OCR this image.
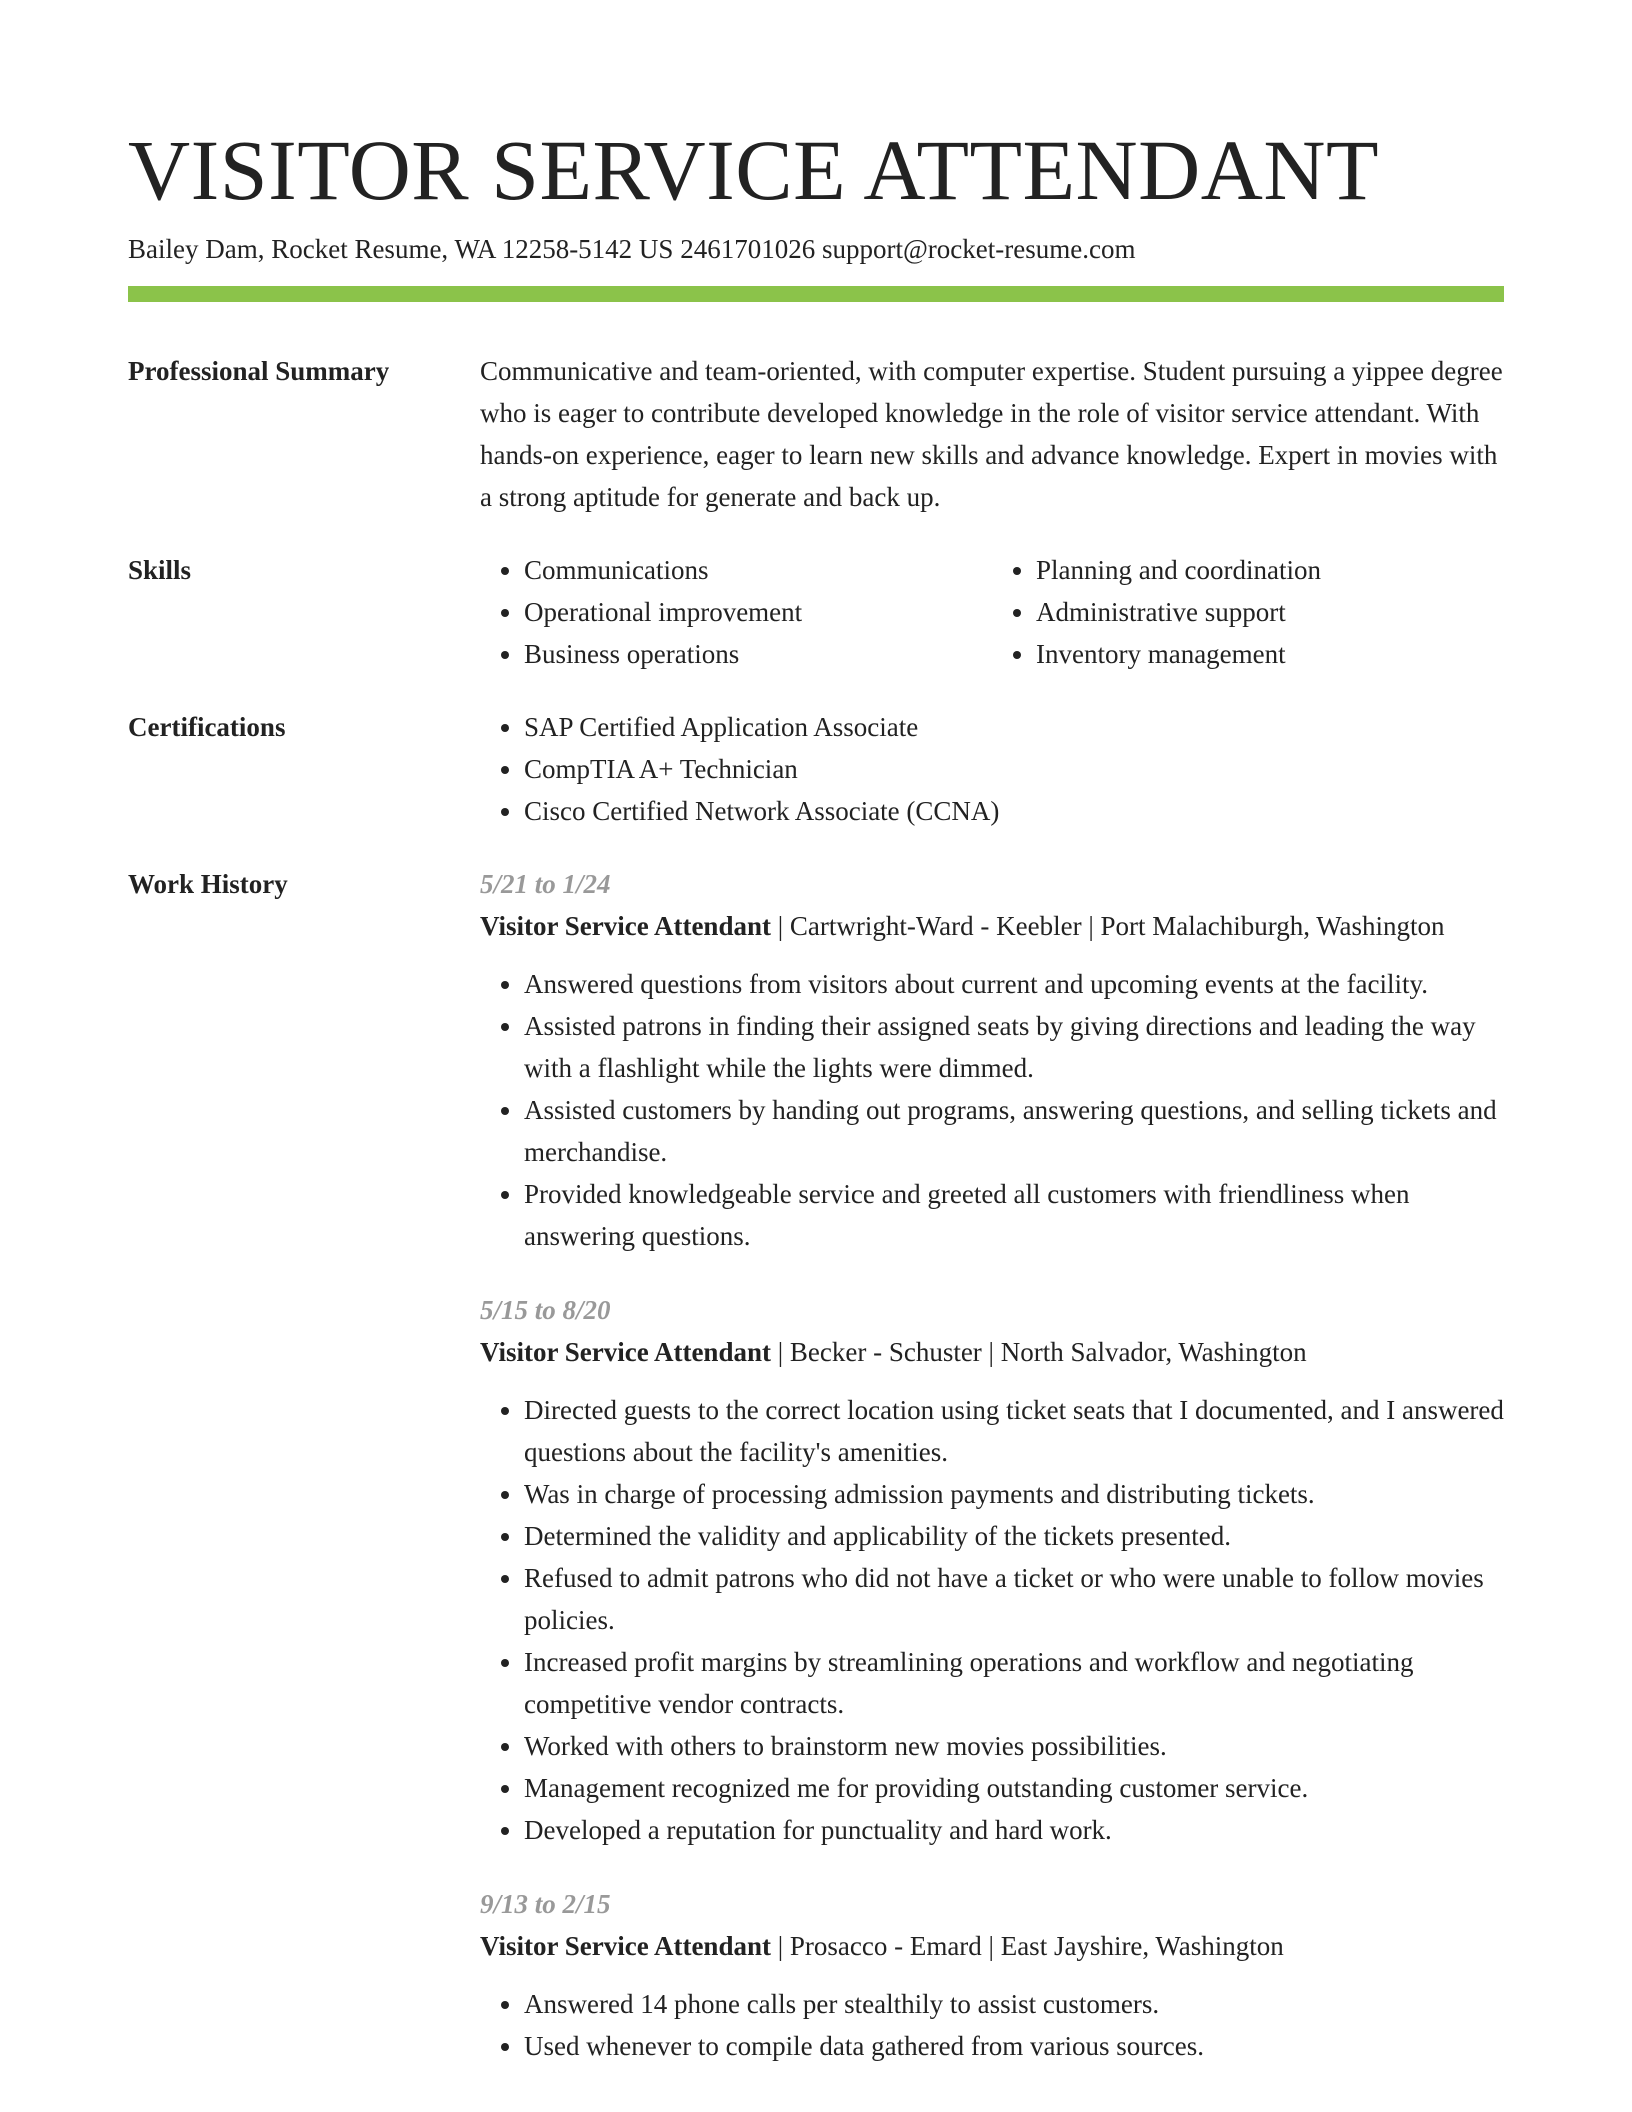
VISITOR SERVICE ATTENDANT
Bailey Dam, Rocket Resume, WA 12258-5142 US 2461701026 support@rocket-resume.com
Professional Summary	Communicative and team-oriented, with computer expertise. Student pursuing a yippee degree who is eager to contribute developed knowledge in the role of visitor service attendant. With hands-on experience, eager to learn new skills and advance knowledge. Expert in movies with a strong aptitude for generate and back up.

Skills	• Communications
• Operational improvement
• Business operations
• Planning and coordination
• Administrative support
• Inventory management
Certifications	• SAP Certified Application Associate
• CompTIA A+ Technician
• Cisco Certified Network Associate (CCNA)
Work History	5/21 to 1/24
Visitor Service Attendant | Cartwright-Ward - Keebler | Port Malachiburgh, Washington
• Answered questions from visitors about current and upcoming events at the facility.
• Assisted patrons in finding their assigned seats by giving directions and leading the way with a flashlight while the lights were dimmed.
• Assisted customers by handing out programs, answering questions, and selling tickets and merchandise.
• Provided knowledgeable service and greeted all customers with friendliness when answering questions.
5/15 to 8/20
Visitor Service Attendant | Becker - Schuster | North Salvador, Washington
• Directed guests to the correct location using ticket seats that I documented, and I answered questions about the facility's amenities.
• Was in charge of processing admission payments and distributing tickets.
• Determined the validity and applicability of the tickets presented.
• Refused to admit patrons who did not have a ticket or who were unable to follow movies policies.
• Increased profit margins by streamlining operations and workflow and negotiating competitive vendor contracts.
• Worked with others to brainstorm new movies possibilities.
• Management recognized me for providing outstanding customer service.
• Developed a reputation for punctuality and hard work.
9/13 to 2/15
Visitor Service Attendant | Prosacco - Emard | East Jayshire, Washington
• Answered 14 phone calls per stealthily to assist customers.
• Used whenever to compile data gathered from various sources.
